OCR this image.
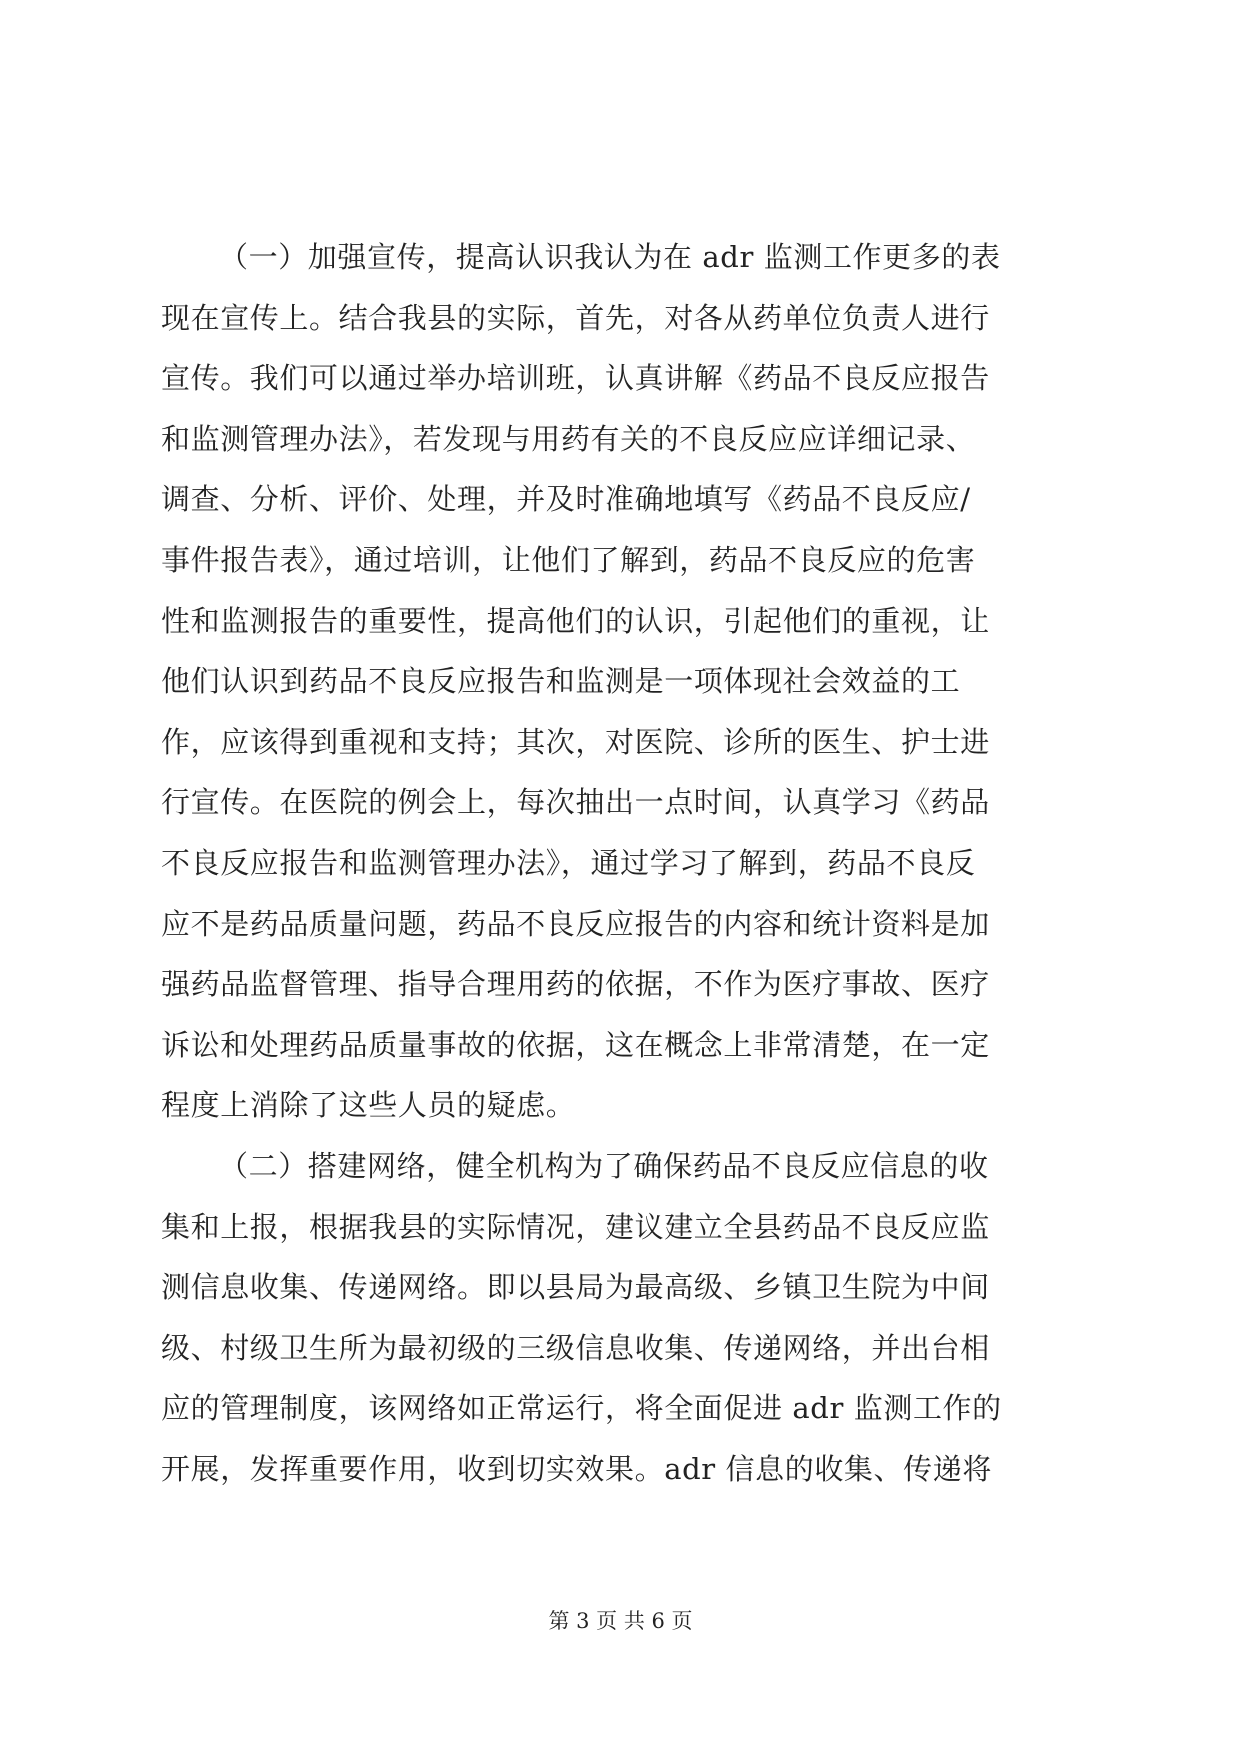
（一）加强宣传，提高认识我认为在 adr 监测工作更多的表
现在宣传上。结合我县的实际，首先，对各从药单位负责人进行
宣传。我们可以通过举办培训班，认真讲解《药品不良反应报告
和监测管理办法》，若发现与用药有关的不良反应应详细记录、
调查、分析、评价、处理，并及时准确地填写《药品不良反应/
事件报告表》，通过培训，让他们了解到，药品不良反应的危害
性和监测报告的重要性，提高他们的认识，引起他们的重视，让
他们认识到药品不良反应报告和监测是一项体现社会效益的工
作，应该得到重视和支持；其次，对医院、诊所的医生、护士进
行宣传。在医院的例会上，每次抽出一点时间，认真学习《药品
不良反应报告和监测管理办法》，通过学习了解到，药品不良反
应不是药品质量问题，药品不良反应报告的内容和统计资料是加
强药品监督管理、指导合理用药的依据，不作为医疗事故、医疗
诉讼和处理药品质量事故的依据，这在概念上非常清楚，在一定
程度上消除了这些人员的疑虑。
（二）搭建网络，健全机构为了确保药品不良反应信息的收
集和上报，根据我县的实际情况，建议建立全县药品不良反应监
测信息收集、传递网络。即以县局为最高级、乡镇卫生院为中间
级、村级卫生所为最初级的三级信息收集、传递网络，并出台相
应的管理制度，该网络如正常运行，将全面促进 adr 监测工作的
开展，发挥重要作用，收到切实效果。adr 信息的收集、传递将
第 3 页 共 6 页
